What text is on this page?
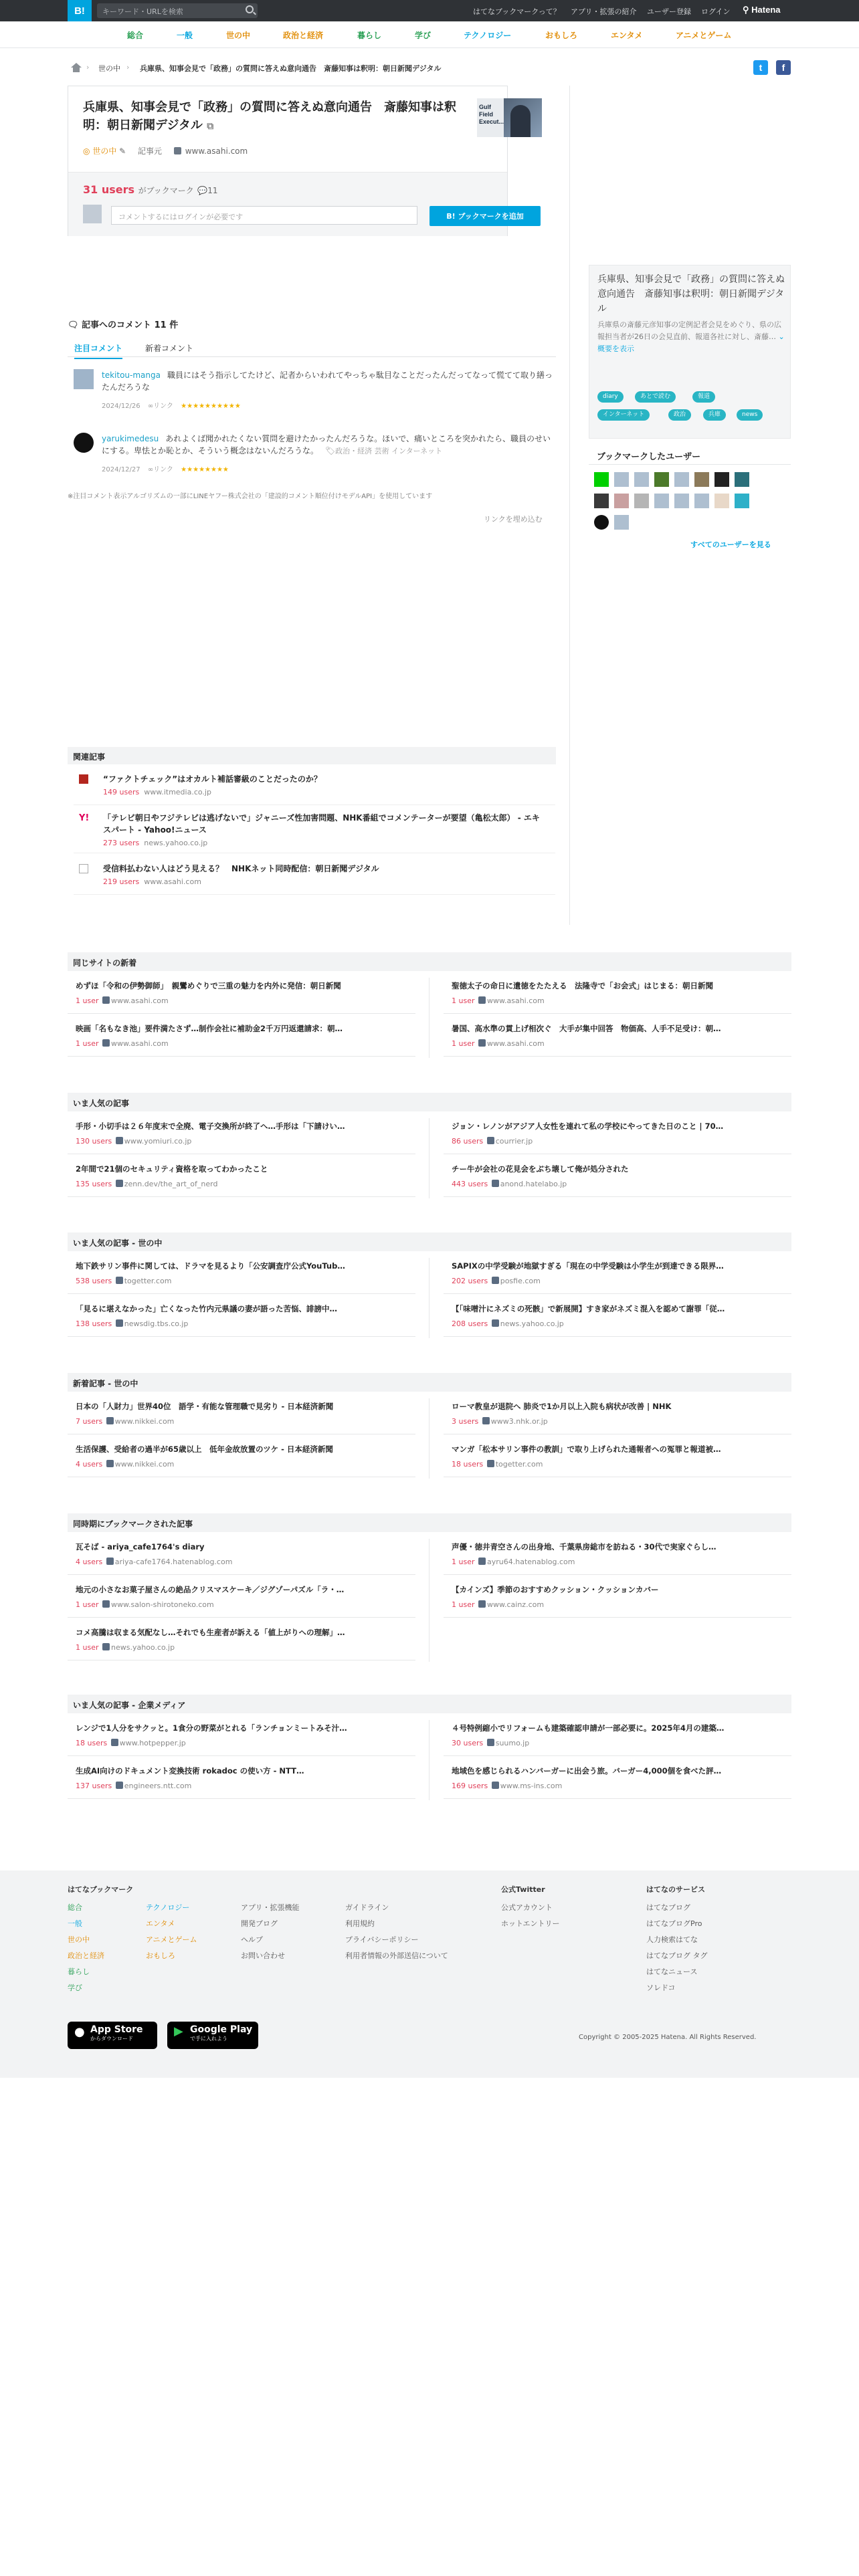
B!	キーワード・URLを検索	はてなブックマークって？ アプリ・拡張の紹介 ユーザー登録 ログイン ⚲ Hatena
総合	一般	世の中	政治と経済	暮らし	学び	テクノロジー	おもしろ	エンタメ	アニメとゲーム
› 世の中 › 兵庫県、知事会見で「政務」の質問に答えぬ意向通告　斎藤知事は釈明：朝日新聞デジタル	t	f
兵庫県、知事会見で「政務」の質問に答えぬ意向通告　斎藤知事は釈明：朝日新聞デジタル ⧉
Gulf Field Execut...
◎ 世の中 ✎ 記事元	www.asahi.com
31 users がブックマーク 💬11
コメントするにはログインが必要です	B! ブックマークを追加
🗨 記事へのコメント 11 件
注目コメント	新着コメント
tekitou-manga 職員にはそう指示してたけど、記者からいわれてやっちゃ駄目なことだったんだってなって慌てて取り繕ったんだろうな
2024/12/26 ∞リンク ★★★★★★★★★★
yarukimedesu あれよくば聞かれたくない質問を避けたかったんだろうな。ほいで、痛いところを突かれたら、職員のせいにする。卑怯とか恥とか、そういう概念はないんだろうな。 🏷政治・経済 芸術 インターネット
2024/12/27 ∞リンク ★★★★★★★★
※注目コメント表示アルゴリズムの一部にLINEヤフー株式会社の「建設的コメント順位付けモデルAPI」を使用しています
リンクを埋め込む
関連記事
“ファクトチェック”はオカルト補話審級のことだったのか？
149 users www.itmedia.co.jp
Y! 「テレビ朝日やフジテレビは逃げないで」ジャニーズ性加害問題、NHK番組でコメンテーターが要望（亀松太郎） - エキスパート - Yahoo!ニュース
273 users news.yahoo.co.jp
受信料払わない人はどう見える？　NHKネット同時配信：朝日新聞デジタル
219 users www.asahi.com
兵庫県、知事会見で「政務」の質問に答えぬ意向通告　斎藤知事は釈明：朝日新聞デジタル
兵庫県の斎藤元彦知事の定例記者会見をめぐり、県の広報担当者が26日の会見直前、報道各社に対し、斎藤… ⌄ 概要を表示
diary	あとで読む	報道
インターネット	政治	兵庫	news
ブックマークしたユーザー
すべてのユーザーを見る
同じサイトの新着
めずほ「令和の伊勢御師」　親鸞めぐりで三重の魅力を内外に発信：朝日新聞
1 user www.asahi.com
聖徳太子の命日に遺徳をたたえる　法隆寺で「お会式」はじまる：朝日新聞
1 user www.asahi.com
映画「名もなき池」要件満たさず…制作会社に補助金2千万円返還請求：朝…
1 user www.asahi.com
暑国、高水準の貫上げ相次ぐ　大手が集中回答　物価高、人手不足受け：朝…
1 user www.asahi.com
いま人気の記事
手形・小切手は２６年度末で全廃、電子交換所が終了へ…手形は「下請けい…
130 users www.yomiuri.co.jp
ジョン・レノンがアジア人女性を連れて私の学校にやってきた日のこと | 70…
86 users courrier.jp
2年間で21個のセキュリティ資格を取ってわかったこと
135 users zenn.dev/the_art_of_nerd
チー牛が会社の花見会をぶち壊して俺が処分された
443 users anond.hatelabo.jp
いま人気の記事 - 世の中
地下鉄サリン事件に関しては、ドラマを見るより「公安調査庁公式YouTub…
538 users togetter.com
SAPIXの中学受験が地獄すぎる「現在の中学受験は小学生が到達できる限界…
202 users posfie.com
「見るに堪えなかった」亡くなった竹内元県議の妻が語った苦悩、誹謗中…
138 users newsdig.tbs.co.jp
【「味噌汁にネズミの死骸」で新展開】すき家がネズミ混入を認めて謝罪「従…
208 users news.yahoo.co.jp
新着記事 - 世の中
日本の「人財力」世界40位　語学・有能な管理職で見劣り - 日本経済新聞
7 users www.nikkei.com
ローマ教皇が退院へ 肺炎で1か月以上入院も病状が改善 | NHK
3 users www3.nhk.or.jp
生活保護、受給者の過半が65歳以上　低年金故放置のツケ - 日本経済新聞
4 users www.nikkei.com
マンガ「松本サリン事件の教訓」で取り上げられた通報者への冤罪と報道被…
18 users togetter.com
同時期にブックマークされた記事
瓦そば - ariya_cafe1764's diary
4 users ariya-cafe1764.hatenablog.com
声優・徳井青空さんの出身地、千葉県房総市を訪ねる・30代で実家ぐらし…
1 user ayru64.hatenablog.com
地元の小さなお菓子屋さんの絶品クリスマスケーキ／ジグゾーパズル「ラ・…
1 user www.salon-shirotoneko.com
【カインズ】季節のおすすめクッション・クッションカバー
1 user www.cainz.com
コメ高騰は収まる気配なし…それでも生産者が訴える「値上がりへの理解」…
1 user news.yahoo.co.jp
いま人気の記事 - 企業メディア
レンジで1人分をサクッと。1食分の野菜がとれる「ランチョンミートみそ汁…
18 users www.hotpepper.jp
４号特例縮小でリフォームも建築確認申請が一部必要に。2025年4月の建築…
30 users suumo.jp
生成AI向けのドキュメント変換技術 rokadoc の使い方 - NTT…
137 users engineers.ntt.com
地域色を感じられるハンバーガーに出会う旅。バーガー4,000個を食べた評…
169 users www.ms-ins.com
はてなブックマーク
総合
一般
世の中
政治と経済
暮らし
学び
テクノロジー
エンタメ
アニメとゲーム
おもしろ
アプリ・拡張機能
開発ブログ
ヘルプ
お問い合わせ
ガイドライン
利用規約
プライバシーポリシー
利用者情報の外部送信について
公式Twitter
公式アカウント
ホットエントリー
はてなのサービス
はてなブログ
はてなブログPro
人力検索はてな
はてなブログ タグ
はてなニュース
ソレドコ
● App Store
からダウンロード
▶ Google Play
で手に入れよう	Copyright © 2005-2025 Hatena. All Rights Reserved.
